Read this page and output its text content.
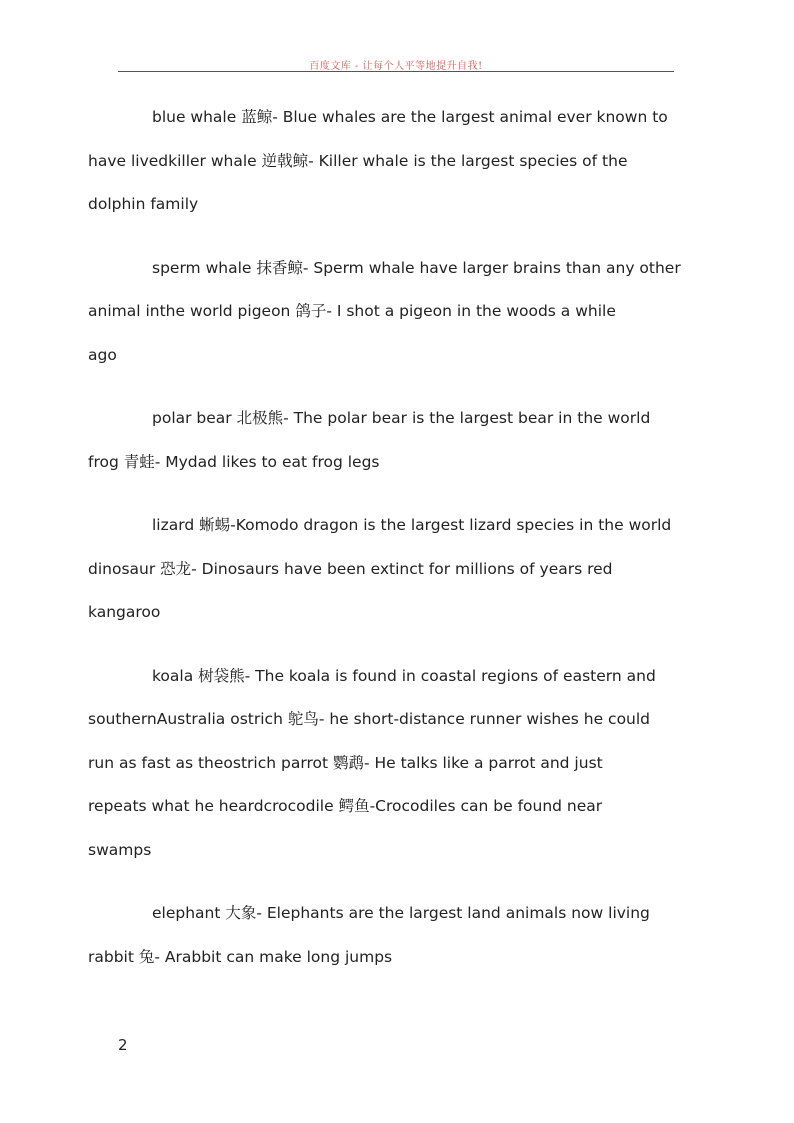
百度文库 - 让每个人平等地提升自我!

blue whale 蓝鲸- Blue whales are the largest animal ever known to
have livedkiller whale 逆戟鲸- Killer whale is the largest species of the
dolphin family

sperm whale 抹香鲸- Sperm whale have larger brains than any other
animal inthe world pigeon 鸽子- I shot a pigeon in the woods a while
ago

polar bear 北极熊- The polar bear is the largest bear in the world
frog 青蛙- Mydad likes to eat frog legs

lizard 蜥蜴-Komodo dragon is the largest lizard species in the world
dinosaur 恐龙- Dinosaurs have been extinct for millions of years red
kangaroo

koala 树袋熊- The koala is found in coastal regions of eastern and
southernAustralia ostrich 鸵鸟- he short-distance runner wishes he could
run as fast as theostrich parrot 鹦鹉- He talks like a parrot and just
repeats what he heardcrocodile 鳄鱼-Crocodiles can be found near
swamps

elephant 大象- Elephants are the largest land animals now living
rabbit 兔- Arabbit can make long jumps

2
